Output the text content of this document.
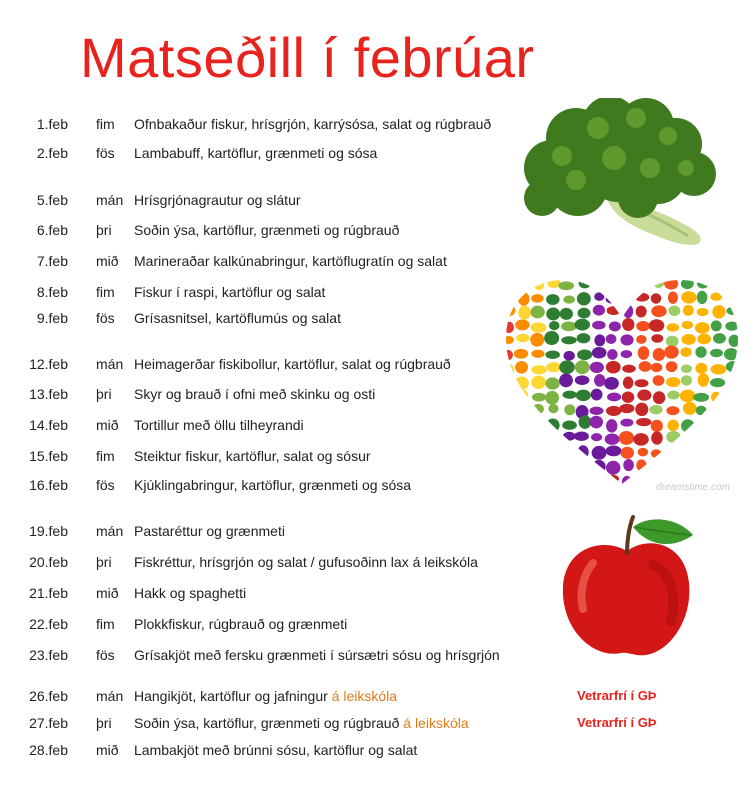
Matseðill í febrúar
1.feb fim Ofnbakaður fiskur, hrísgrjón, karrýsósa, salat og rúgbrauð
2.feb fös Lambabuff, kartöflur, grænmeti og sósa
5.feb mán Hrísgrjónagrautur og slátur
6.feb þri Soðin ýsa, kartöflur, grænmeti og rúgbrauð
7.feb mið Marineraðar kalkúnabringur, kartöflugratín og salat
8.feb fim Fiskur í raspi, kartöflur og salat
9.feb fös Grísasnitsel, kartöflumús og salat
12.feb mán Heimagerðar fiskibollur, kartöflur, salat og rúgbrauð
13.feb þri Skyr og brauð í ofni með skinku og osti
14.feb mið Tortillur með öllu tilheyrandi
15.feb fim Steiktur fiskur, kartöflur, salat og sósur
16.feb fös Kjúklingabringur, kartöflur, grænmeti og sósa
19.feb mán Pastaréttur og grænmeti
20.feb þri Fiskréttur, hrísgrjón og salat / gufusoðinn lax á leikskóla
21.feb mið Hakk og spaghetti
22.feb fim Plokkfiskur, rúgbrauð og grænmeti
23.feb fös Grísakjöt með fersku grænmeti í súrsætri sósu og hrísgrjón
26.feb mán Hangikjöt, kartöflur og jafningur á leikskóla	Vetrarfrí í GÞ
27.feb þri Soðin ýsa, kartöflur, grænmeti og rúgbrauð á leikskóla	Vetrarfrí í GÞ
28.feb mið Lambakjöt með brúnni sósu, kartöflur og salat
dreamstime.com
